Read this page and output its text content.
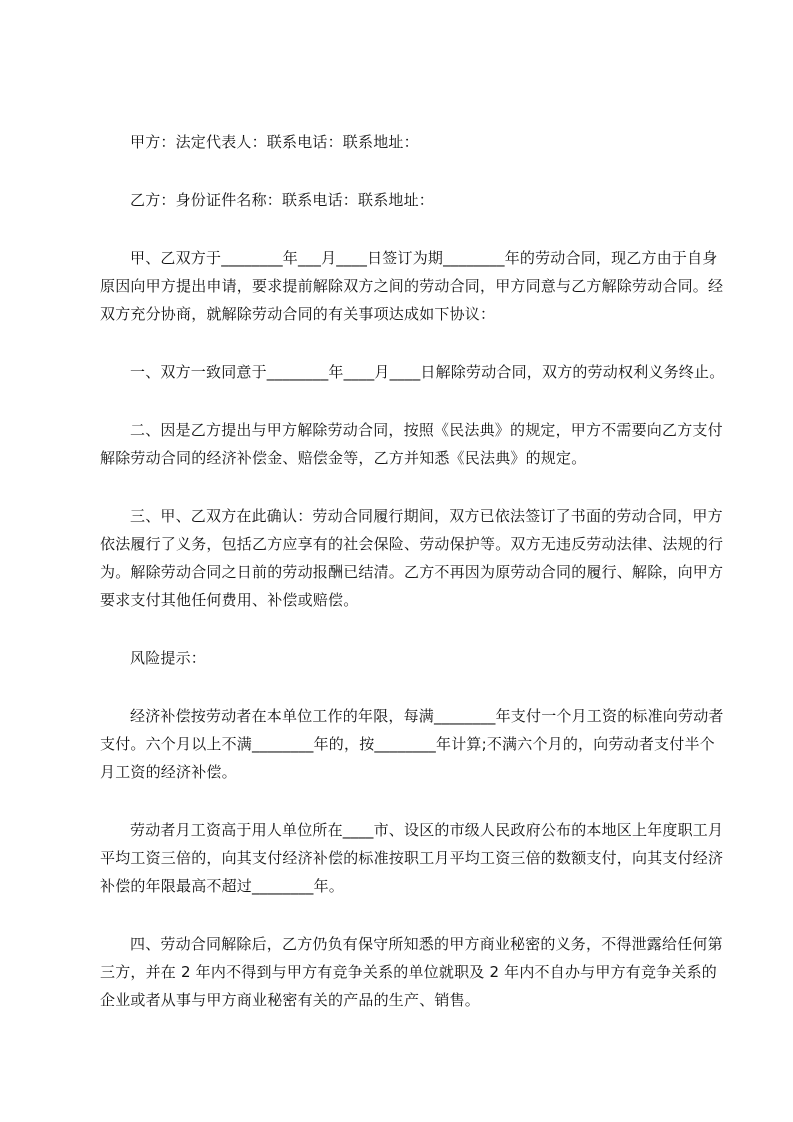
甲方：法定代表人：联系电话：联系地址：

乙方：身份证件名称：联系电话：联系地址：

甲、乙双方于________年___月____日签订为期________年的劳动合同，现乙方由于自身原因向甲方提出申请，要求提前解除双方之间的劳动合同，甲方同意与乙方解除劳动合同。经双方充分协商，就解除劳动合同的有关事项达成如下协议：

一、双方一致同意于________年____月____日解除劳动合同，双方的劳动权利义务终止。

二、因是乙方提出与甲方解除劳动合同，按照《民法典》的规定，甲方不需要向乙方支付解除劳动合同的经济补偿金、赔偿金等，乙方并知悉《民法典》的规定。

三、甲、乙双方在此确认：劳动合同履行期间，双方已依法签订了书面的劳动合同，甲方依法履行了义务，包括乙方应享有的社会保险、劳动保护等。双方无违反劳动法律、法规的行为。解除劳动合同之日前的劳动报酬已结清。乙方不再因为原劳动合同的履行、解除，向甲方要求支付其他任何费用、补偿或赔偿。

风险提示：

经济补偿按劳动者在本单位工作的年限，每满________年支付一个月工资的标准向劳动者支付。六个月以上不满________年的，按________年计算;不满六个月的，向劳动者支付半个月工资的经济补偿。

劳动者月工资高于用人单位所在____市、设区的市级人民政府公布的本地区上年度职工月平均工资三倍的，向其支付经济补偿的标准按职工月平均工资三倍的数额支付，向其支付经济补偿的年限最高不超过________年。

四、劳动合同解除后，乙方仍负有保守所知悉的甲方商业秘密的义务，不得泄露给任何第三方，并在 2 年内不得到与甲方有竞争关系的单位就职及 2 年内不自办与甲方有竞争关系的企业或者从事与甲方商业秘密有关的产品的生产、销售。
